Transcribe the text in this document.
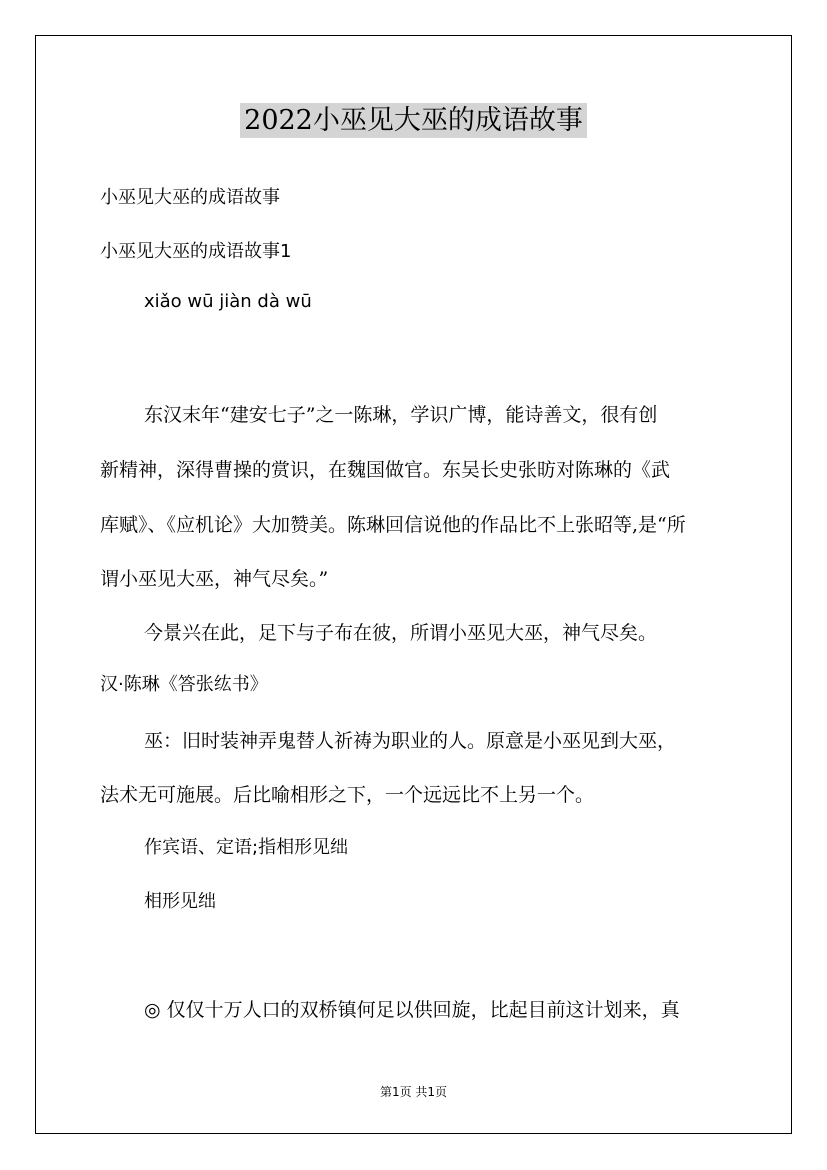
2022小巫见大巫的成语故事
小巫见大巫的成语故事
小巫见大巫的成语故事1
xiǎo wū jiàn dà wū
东汉末年“建安七子”之一陈琳，学识广博，能诗善文，很有创
新精神，深得曹操的赏识，在魏国做官。东吴长史张昉对陈琳的《武
库赋》、《应机论》大加赞美。陈琳回信说他的作品比不上张昭等,是“所
谓小巫见大巫，神气尽矣。”
今景兴在此，足下与子布在彼，所谓小巫见大巫，神气尽矣。
汉·陈琳《答张纮书》
巫：旧时装神弄鬼替人祈祷为职业的人。原意是小巫见到大巫，
法术无可施展。后比喻相形之下，一个远远比不上另一个。
作宾语、定语;指相形见绌
相形见绌
◎ 仅仅十万人口的双桥镇何足以供回旋，比起目前这计划来，真
第1页 共1页
